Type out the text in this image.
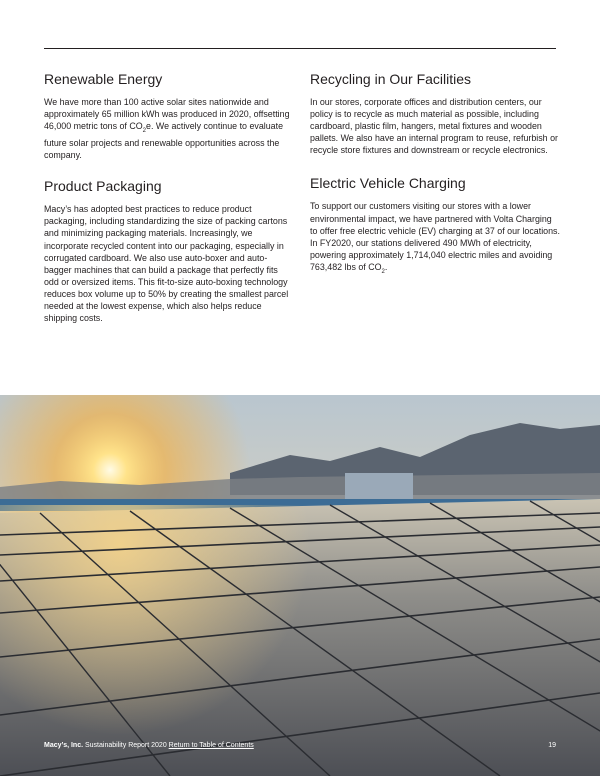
Renewable Energy

We have more than 100 active solar sites nationwide and approximately 65 million kWh was produced in 2020, offsetting 46,000 metric tons of $CO_2e$. We actively continue to evaluate future solar projects and renewable opportunities across the company.

Product Packaging

Macy’s has adopted best practices to reduce product packaging, including standardizing the size of packing cartons and minimizing packaging materials. Increasingly, we incorporate recycled content into our packaging, especially in corrugated cardboard. We also use auto-boxer and auto-bagger machines that can build a package that perfectly fits odd or oversized items. This fit-to-size auto-boxing technology reduces box volume up to 50% by creating the smallest parcel needed at the lowest expense, which also helps reduce shipping costs.

Recycling in Our Facilities

In our stores, corporate offices and distribution centers, our policy is to recycle as much material as possible, including cardboard, plastic film, hangers, metal fixtures and wooden pallets. We also have an internal program to reuse, refurbish or recycle store fixtures and downstream or recycle electronics.

Electric Vehicle Charging

To support our customers visiting our stores with a lower environmental impact, we have partnered with Volta Charging to offer free electric vehicle (EV) charging at 37 of our locations. In FY2020, our stations delivered 490 MWh of electricity, powering approximately 1,714,040 electric miles and avoiding 763,482 lbs of $CO_2$.

Macy’s, Inc. Sustainability Report 2020 Return to Table of Contents	19
